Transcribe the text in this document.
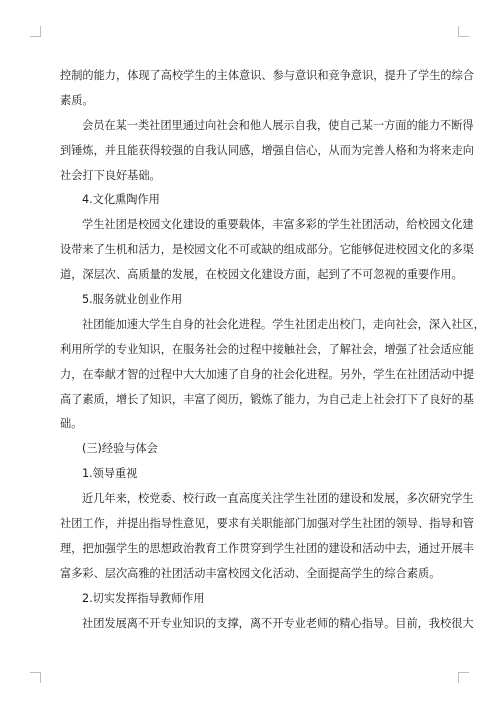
控制的能力，体现了高校学生的主体意识、参与意识和竞争意识，提升了学生的综合
素质。
会员在某一类社团里通过向社会和他人展示自我，使自己某一方面的能力不断得
到锤炼，并且能获得较强的自我认同感，增强自信心，从而为完善人格和为将来走向
社会打下良好基础。
4.文化熏陶作用
学生社团是校园文化建设的重要载体，丰富多彩的学生社团活动，给校园文化建
设带来了生机和活力，是校园文化不可或缺的组成部分。它能够促进校园文化的多渠
道，深层次、高质量的发展，在校园文化建设方面，起到了不可忽视的重要作用。
5.服务就业创业作用
社团能加速大学生自身的社会化进程。学生社团走出校门，走向社会，深入社区，
利用所学的专业知识，在服务社会的过程中接触社会，了解社会，增强了社会适应能
力，在奉献才智的过程中大大加速了自身的社会化进程。另外，学生在社团活动中提
高了素质，增长了知识，丰富了阅历，锻炼了能力，为自己走上社会打下了良好的基
础。
(三)经验与体会
1.领导重视
近几年来，校党委、校行政一直高度关注学生社团的建设和发展，多次研究学生
社团工作，并提出指导性意见，要求有关职能部门加强对学生社团的领导、指导和管
理，把加强学生的思想政治教育工作贯穿到学生社团的建设和活动中去，通过开展丰
富多彩、层次高雅的社团活动丰富校园文化活动、全面提高学生的综合素质。
2.切实发挥指导教师作用
社团发展离不开专业知识的支撑，离不开专业老师的精心指导。目前，我校很大
